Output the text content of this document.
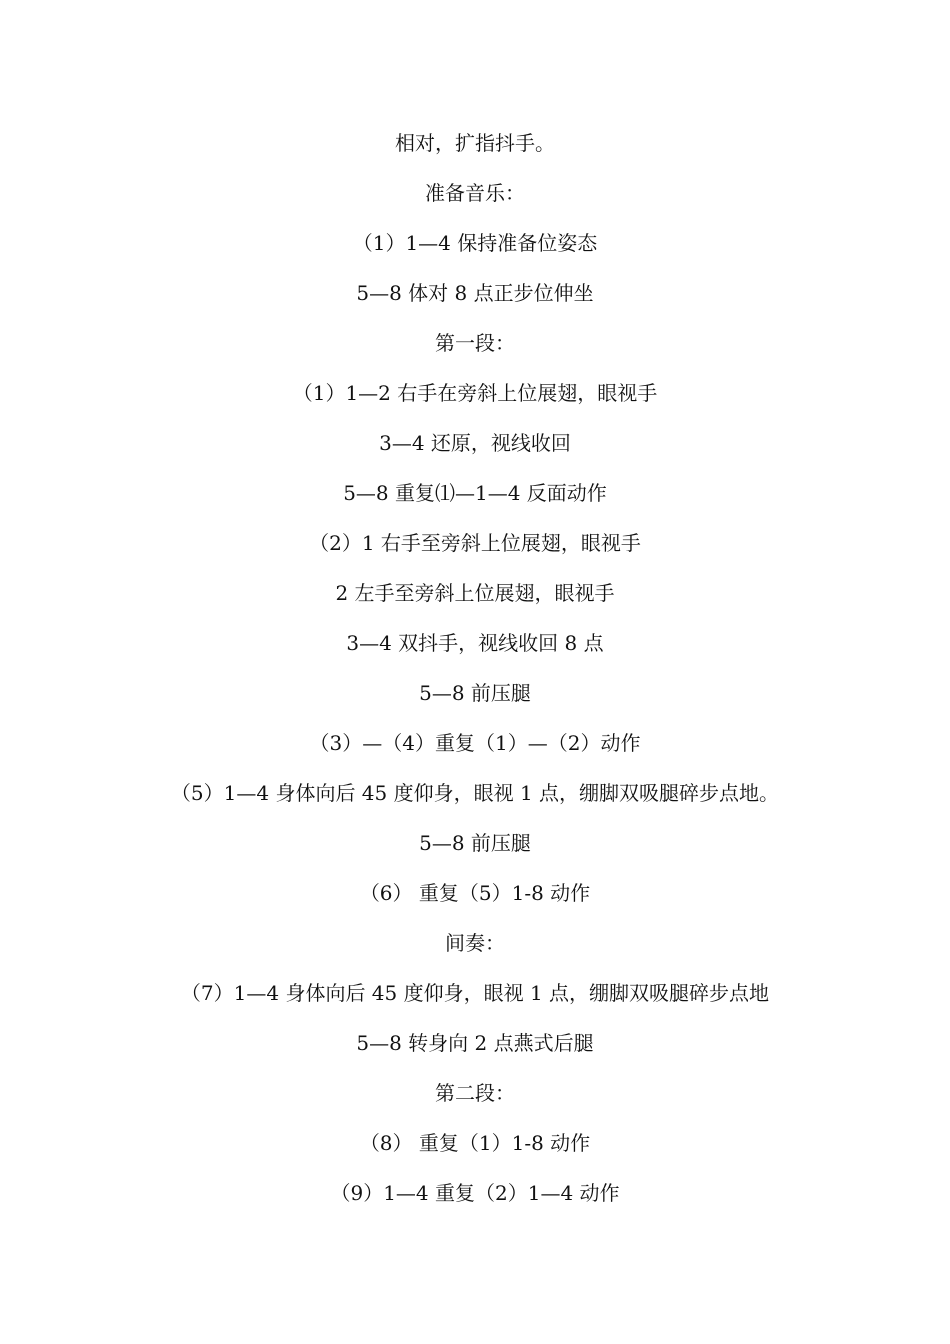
相对，扩指抖手。
准备音乐：
（1）1—4 保持准备位姿态
5—8 体对 8 点正步位伸坐
第一段：
（1）1—2 右手在旁斜上位展翅，眼视手
3—4 还原，视线收回
5—8 重复⑴—1—4 反面动作
（2）1 右手至旁斜上位展翅，眼视手
2 左手至旁斜上位展翅，眼视手
3—4 双抖手，视线收回 8 点
5—8 前压腿
（3）—（4）重复（1）—（2）动作
（5）1—4 身体向后 45 度仰身，眼视 1 点，绷脚双吸腿碎步点地。
5—8 前压腿
（6） 重复（5）1-8 动作
间奏：
（7）1—4 身体向后 45 度仰身，眼视 1 点，绷脚双吸腿碎步点地
5—8 转身向 2 点燕式后腿
第二段：
（8） 重复（1）1-8 动作
（9）1—4 重复（2）1—4 动作
